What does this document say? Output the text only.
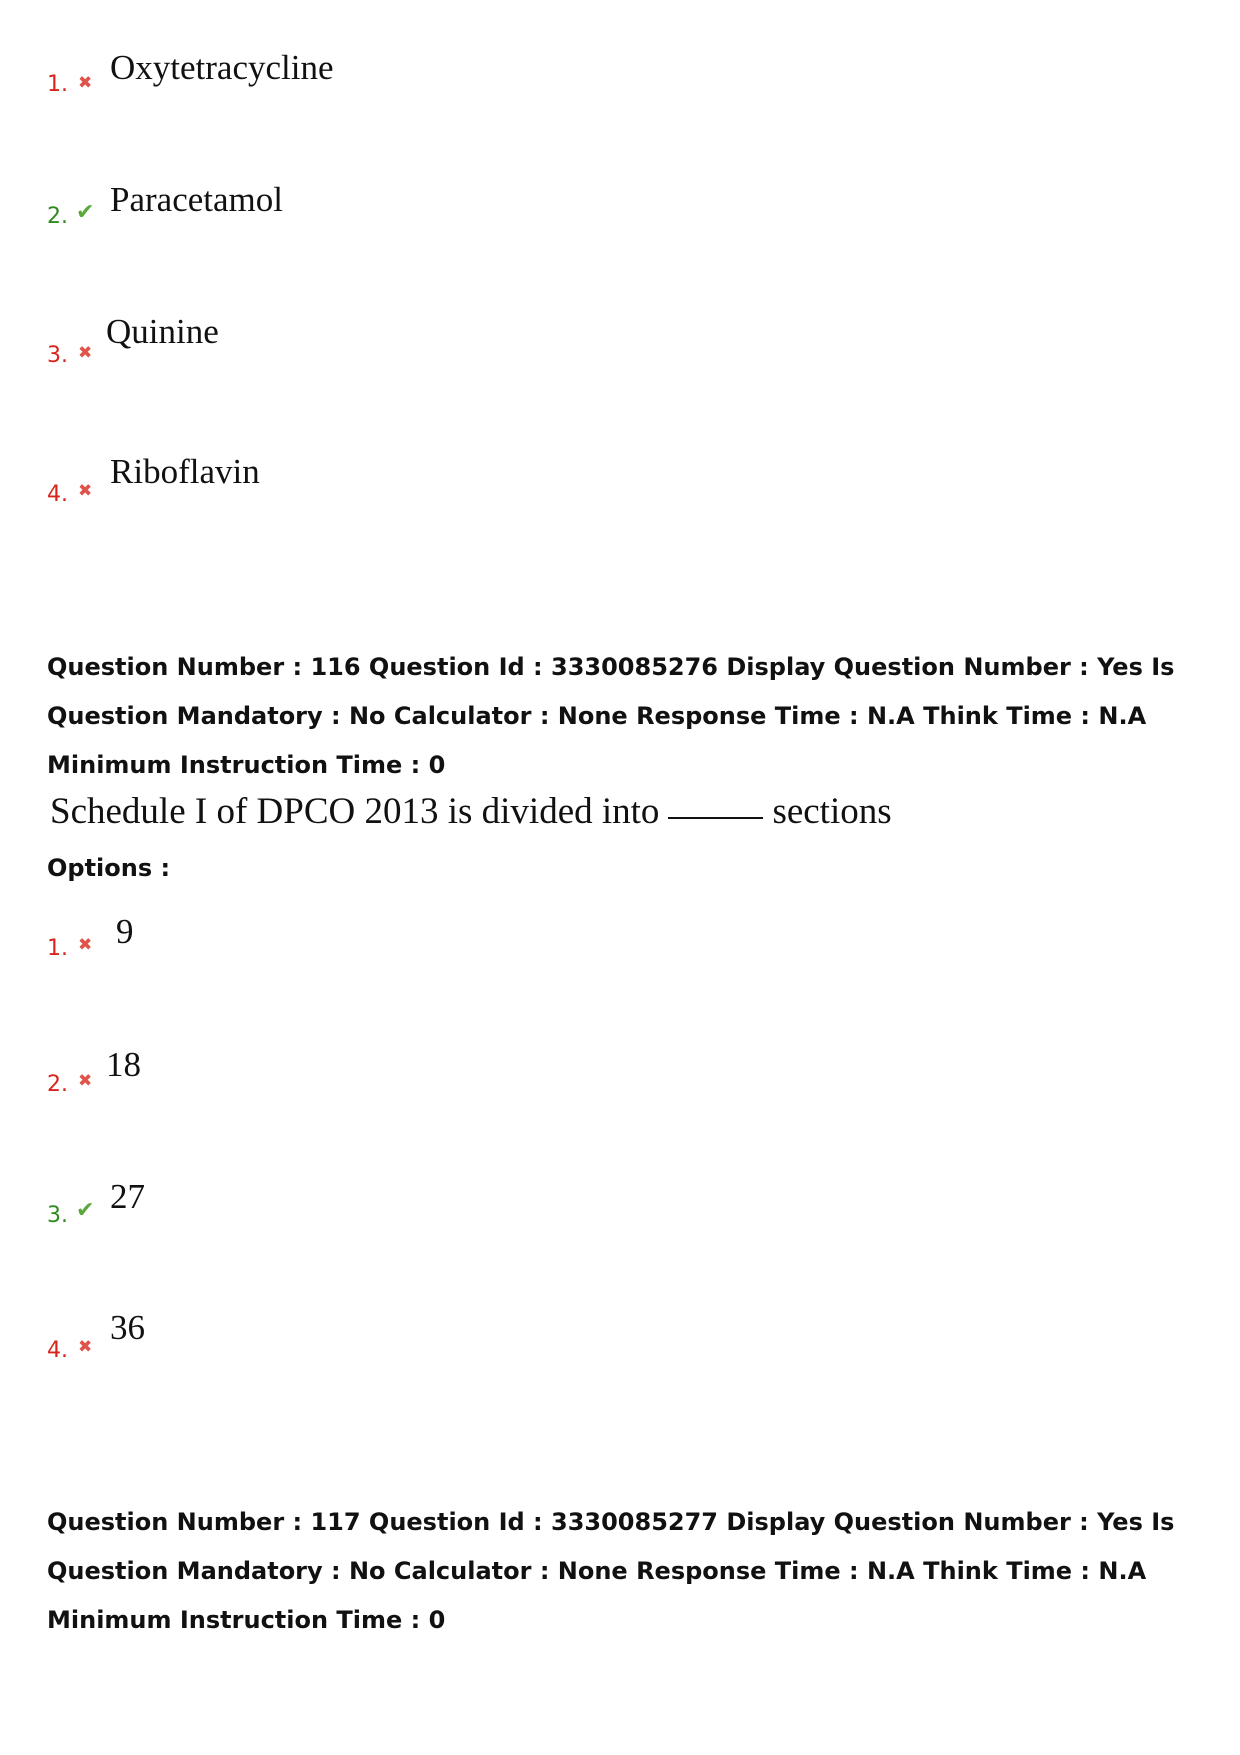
1. ✖ Oxytetracycline
2. ✔ Paracetamol
3. ✖
Quinine
4. ✖ Riboflavin
Question Number : 116 Question Id : 3330085276 Display Question Number : Yes Is Question Mandatory : No Calculator : None Response Time : N.A Think Time : N.A Minimum Instruction Time : 0
Schedule I of DPCO 2013 is divided into	sections
Options :
1. ✖ 9
2. ✖ 18
3. ✔ 27
4. ✖ 36
Question Number : 117 Question Id : 3330085277 Display Question Number : Yes Is Question Mandatory : No Calculator : None Response Time : N.A Think Time : N.A Minimum Instruction Time : 0
